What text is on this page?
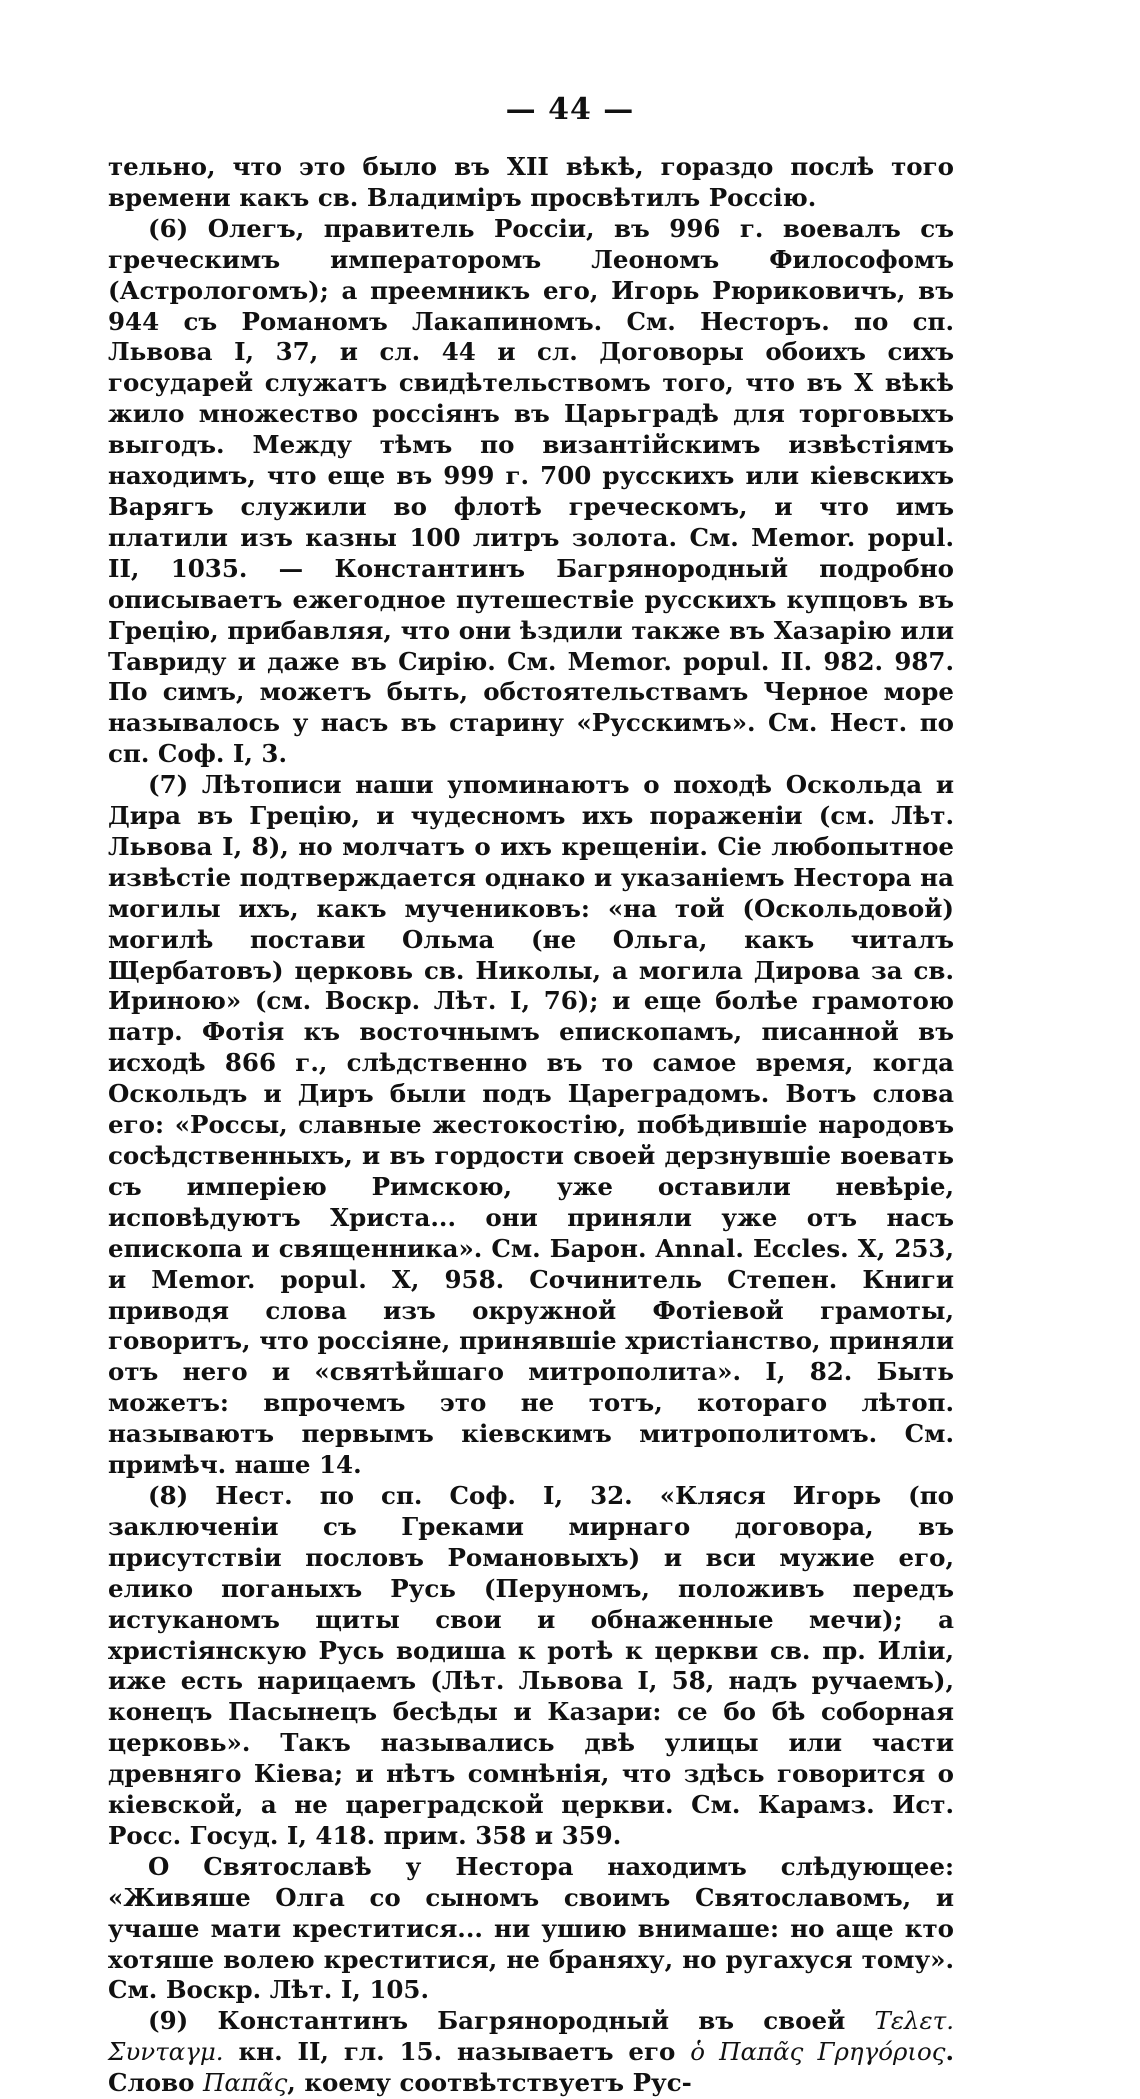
— 44 —

тельно, что это было въ XII вѣкѣ, гораздо послѣ того времени какъ св. Владиміръ просвѣтилъ Россію.

(6) Олегъ, правитель Россіи, въ 996 г. воевалъ съ греческимъ императоромъ Леономъ Философомъ (Астрологомъ); а преемникъ его, Игорь Рюриковичъ, въ 944 съ Романомъ Лакапиномъ. См. Несторъ. по сп. Львова I, 37, и сл. 44 и сл. Договоры обоихъ сихъ государей служатъ свидѣтельствомъ того, что въ X вѣкѣ жило множество россіянъ въ Царьградѣ для торговыхъ выгодъ. Между тѣмъ по византійскимъ извѣстіямъ находимъ, что еще въ 999 г. 700 русскихъ или кіевскихъ Варягъ служили во флотѣ греческомъ, и что имъ платили изъ казны 100 литръ золота. См. Memor. popul. II, 1035. — Константинъ Багрянородный подробно описываетъ ежегодное путешествіе русскихъ купцовъ въ Грецію, прибавляя, что они ѣздили также въ Хазарію или Тавриду и даже въ Сирію. См. Memor. popul. II. 982. 987. По симъ, можетъ быть, обстоятельствамъ Черное море называлось у насъ въ старину «Русскимъ». См. Нест. по сп. Соф. I, 3.

(7) Лѣтописи наши упоминаютъ о походѣ Оскольда и Дира въ Грецію, и чудесномъ ихъ пораженіи (см. Лѣт. Львова I, 8), но молчатъ о ихъ крещеніи. Сіе любопытное извѣстіе подтверждается однако и указаніемъ Нестора на могилы ихъ, какъ мучениковъ: «на той (Оскольдовой) могилѣ постави Ольма (не Ольга, какъ читалъ Щербатовъ) церковь св. Николы, а могила Дирова за св. Ириною» (см. Воскр. Лѣт. I, 76); и еще болѣе грамотою патр. Фотія къ восточнымъ епископамъ, писанной въ исходѣ 866 г., слѣдственно въ то самое время, когда Оскольдъ и Диръ были подъ Цареградомъ. Вотъ слова его: «Россы, славные жестокостію, побѣдившіе народовъ сосѣдственныхъ, и въ гордости своей дерзнувшіе воевать съ имперіею Римскою, уже оставили невѣріе, исповѣдуютъ Христа... они приняли уже отъ насъ епископа и священника». См. Барон. Annal. Eccles. X, 253, и Memor. popul. X, 958. Сочинитель Степен. Книги приводя слова изъ окружной Фотіевой грамоты, говоритъ, что россіяне, принявшіе христіанство, приняли отъ него и «святѣйшаго митрополита». I, 82. Быть можетъ: впрочемъ это не тотъ, котораго лѣтоп. называютъ первымъ кіевскимъ митрополитомъ. См. примѣч. наше 14.

(8) Нест. по сп. Соф. I, 32. «Кляся Игорь (по заключеніи съ Греками мирнаго договора, въ присутствіи пословъ Романовыхъ) и вси мужие его, елико поганыхъ Русь (Перуномъ, положивъ передъ истуканомъ щиты свои и обнаженные мечи); а христіянскую Русь водиша к ротѣ к церкви св. пр. Иліи, иже есть нарицаемъ (Лѣт. Львова I, 58, надъ ручаемъ), конецъ Пасынецъ бесѣды и Казари: се бо бѣ соборная церковь». Такъ назывались двѣ улицы или части древняго Кіева; и нѣтъ сомнѣнія, что здѣсь говорится о кіевской, а не цареградской церкви. См. Карамз. Ист. Росс. Госуд. I, 418. прим. 358 и 359.

О Святославѣ у Нестора находимъ слѣдующее: «Живяше Олга со сыномъ своимъ Святославомъ, и учаше мати креститися... ни ушию внимаше: но аще кто хотяше волею креститися, не браняху, но ругахуся тому». См. Воскр. Лѣт. I, 105.

(9) Константинъ Багрянородный въ своей Τελετ. Συνταγμ. кн. II, гл. 15. называетъ его ὁ Παπᾶς Γρηγόριος. Слово Παπᾶς, коему соотвѣтствуетъ Рус-
